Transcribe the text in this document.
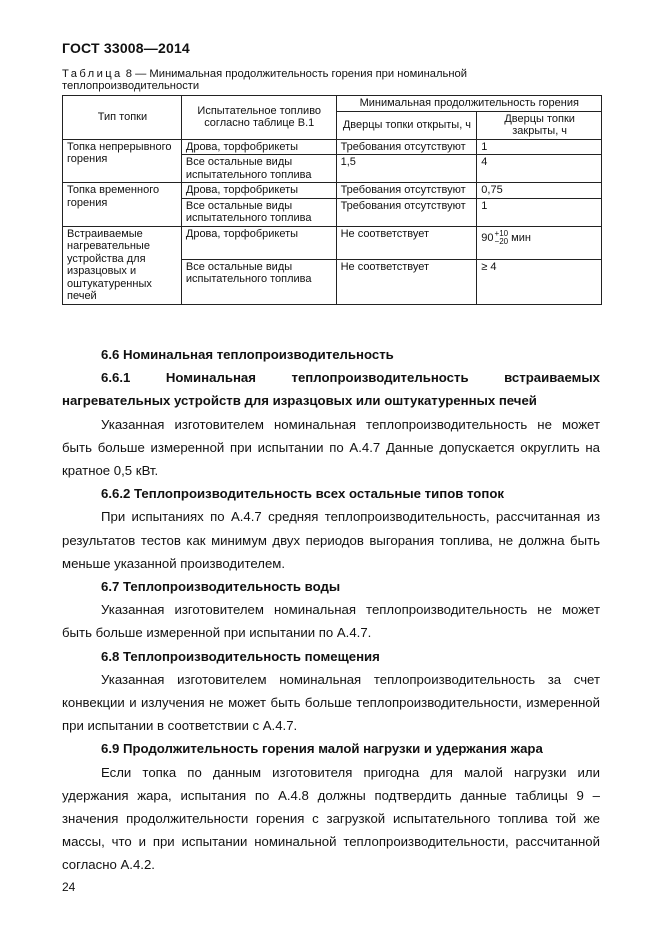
ГОСТ 33008—2014
Таблица 8 — Минимальная продолжительность горения при номинальной теплопроизводительности
Тип топки	Испытательное топливо согласно таблице В.1	Минимальная продолжительность горения	
		Дверцы топки открыты, ч	Дверцы топки закрыты, ч
Топка непрерывного горения	Дрова, торфобрикеты	Требования отсутствуют	1
	Все остальные виды испытательного топлива	1,5	4
Топка временного горения	Дрова, торфобрикеты	Требования отсутствуют	0,75
	Все остальные виды испытательного топлива	Требования отсутствуют	1
Встраиваемые нагревательные устройства для изразцовых и оштукатуренных печей	Дрова, торфобрикеты	Не соответствует	90 +10
−20 мин
	Все остальные виды испытательного топлива	Не соответствует	≥ 4
6.6 Номинальная теплопроизводительность
6.6.1 Номинальная теплопроизводительность встраиваемых нагревательных устройств для изразцовых или оштукатуренных печей
Указанная изготовителем номинальная теплопроизводительность не может быть больше измеренной при испытании по А.4.7 Данные допускается округлить на кратное 0,5 кВт.
6.6.2 Теплопроизводительность всех остальные типов топок
При испытаниях по А.4.7 средняя теплопроизводительность, рассчитанная из результатов тестов как минимум двух периодов выгорания топлива, не должна быть меньше указанной производителем.
6.7 Теплопроизводительность воды
Указанная изготовителем номинальная теплопроизводительность не может быть больше измеренной при испытании по А.4.7.
6.8 Теплопроизводительность помещения
Указанная изготовителем номинальная теплопроизводительность за счет конвекции и излучения не может быть больше теплопроизводительности, измеренной при испытании в соответствии с А.4.7.
6.9 Продолжительность горения малой нагрузки и удержания жара
Если топка по данным изготовителя пригодна для малой нагрузки или удержания жара, испытания по А.4.8 должны подтвердить данные таблицы 9 – значения продолжительности горения с загрузкой испытательного топлива той же массы, что и при испытании номинальной теплопроизводительности, рассчитанной согласно А.4.2.
24
